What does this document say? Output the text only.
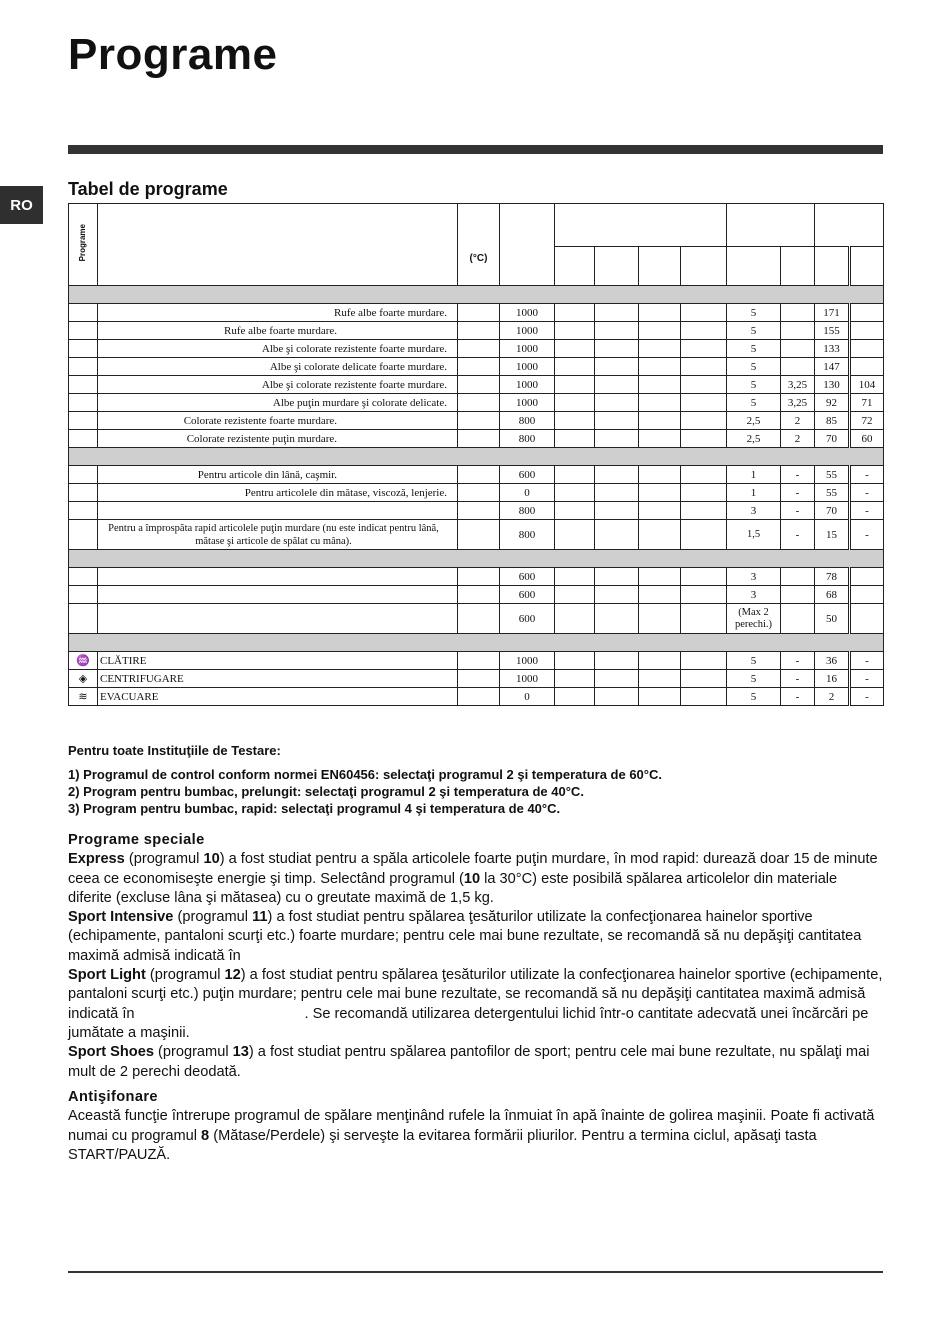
Programe
RO
Tabel de programe
Programe		(°C)									

	Rufe albe foarte murdare.		1000					5		171	
	Rufe albe foarte murdare.		1000					5		155	
	Albe şi colorate rezistente foarte murdare.		1000					5		133	
	Albe şi colorate delicate foarte murdare.		1000					5		147	
	Albe şi colorate rezistente foarte murdare.		1000					5	3,25	130	104
	Albe puţin murdare şi colorate delicate.		1000					5	3,25	92	71
	Colorate rezistente foarte murdare.		800					2,5	2	85	72
	Colorate rezistente puţin murdare.		800					2,5	2	70	60

	Pentru articole din lână, caşmir.		600					1	-	55	-
	Pentru articolele din mătase, viscoză, lenjerie.		0					1	-	55	-
			800					3	-	70	-
	Pentru a împrospăta rapid articolele puţin murdare (nu este indicat pentru lână, mătase şi articole de spălat cu mâna).		800					1,5	-	15	-

			600					3		78	
			600					3		68	
			600					(Max 2 perechi.)		50	

♒	CLĂTIRE		1000					5	-	36	-
◈	CENTRIFUGARE		1000					5	-	16	-
≋	EVACUARE		0					5	-	2	-
Pentru toate Instituţiile de Testare:
1) Programul de control conform normei EN60456: selectaţi programul 2 şi temperatura de 60°C.
2) Program pentru bumbac, prelungit: selectaţi programul 2 şi temperatura de 40°C.
3) Program pentru bumbac, rapid: selectaţi programul 4 şi temperatura de 40°C.
Programe speciale
Express (programul 10) a fost studiat pentru a spăla articolele foarte puţin murdare, în mod rapid: durează doar 15 de minute ceea ce economiseşte energie şi timp. Selectând programul (10 la 30°C) este posibilă spălarea articolelor din materiale diferite (excluse lâna şi mătasea) cu o greutate maximă de 1,5 kg.
Sport Intensive (programul 11) a fost studiat pentru spălarea ţesăturilor utilizate la confecţionarea hainelor sportive (echipamente, pantaloni scurţi etc.) foarte murdare; pentru cele mai bune rezultate, se recomandă să nu depăşiţi cantitatea maximă admisă indicată în
Sport Light (programul 12) a fost studiat pentru spălarea ţesăturilor utilizate la confecţionarea hainelor sportive (echipamente, pantaloni scurţi etc.) puţin murdare; pentru cele mai bune rezultate, se recomandă să nu depăşiţi cantitatea maximă admisă indicată în	. Se recomandă utilizarea detergentului lichid într-o cantitate adecvată unei încărcări pe jumătate a maşinii.
Sport Shoes (programul 13) a fost studiat pentru spălarea pantofilor de sport; pentru cele mai bune rezultate, nu spălaţi mai mult de 2 perechi deodată.
Antişifonare
Această funcţie întrerupe programul de spălare menţinând rufele la înmuiat în apă înainte de golirea maşinii. Poate fi activată numai cu programul 8 (Mătase/Perdele) şi serveşte la evitarea formării pliurilor. Pentru a termina ciclul, apăsaţi tasta START/PAUZĂ.
